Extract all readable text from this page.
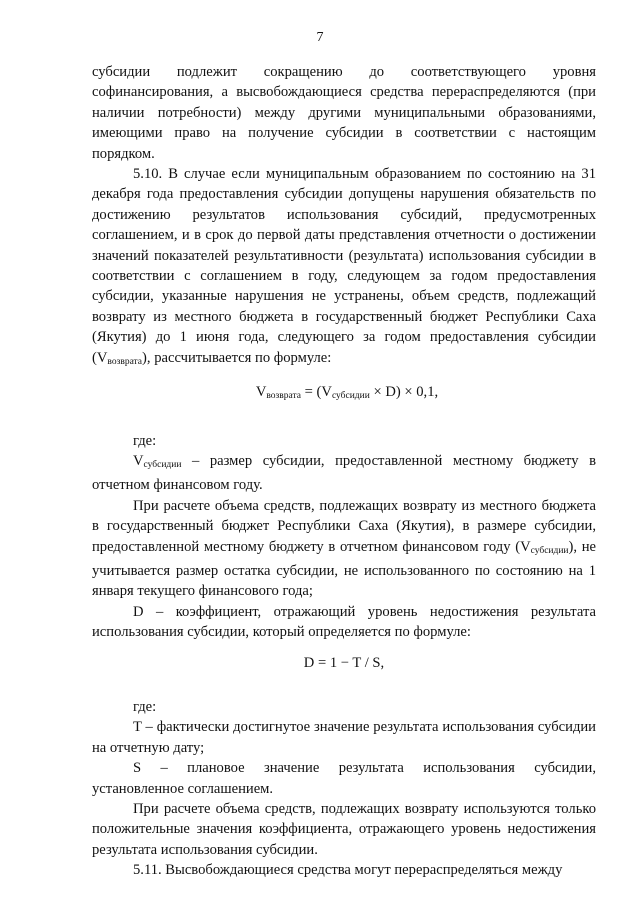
7

субсидии подлежит сокращению до соответствующего уровня софинансирования, а высвобождающиеся средства перераспределяются (при наличии потребности) между другими муниципальными образованиями, имеющими право на получение субсидии в соответствии с настоящим порядком.

5.10. В случае если муниципальным образованием по состоянию на 31 декабря года предоставления субсидии допущены нарушения обязательств по достижению результатов использования субсидий, предусмотренных соглашением, и в срок до первой даты представления отчетности о достижении значений показателей результативности (результата) использования субсидии в соответствии с соглашением в году, следующем за годом предоставления субсидии, указанные нарушения не устранены, объем средств, подлежащий возврату из местного бюджета в государственный бюджет Республики Саха (Якутия) до 1 июня года, следующего за годом предоставления субсидии $(V_{возврата})$, рассчитывается по формуле:

$V_{возврата} = (V_{субсидии} \times D) \times 0,1$,

где:

$V_{субсидии}$ – размер субсидии, предоставленной местному бюджету в отчетном финансовом году.

При расчете объема средств, подлежащих возврату из местного бюджета в государственный бюджет Республики Саха (Якутия), в размере субсидии, предоставленной местному бюджету в отчетном финансовом году $(V_{субсидии})$, не учитывается размер остатка субсидии, не использованного по состоянию на 1 января текущего финансового года;

D – коэффициент, отражающий уровень недостижения результата использования субсидии, который определяется по формуле:

D = 1 − T / S,

где:

T – фактически достигнутое значение результата использования субсидии на отчетную дату;

S – плановое значение результата использования субсидии, установленное соглашением.

При расчете объема средств, подлежащих возврату используются только положительные значения коэффициента, отражающего уровень недостижения результата использования субсидии.

5.11. Высвобождающиеся средства могут перераспределяться между
